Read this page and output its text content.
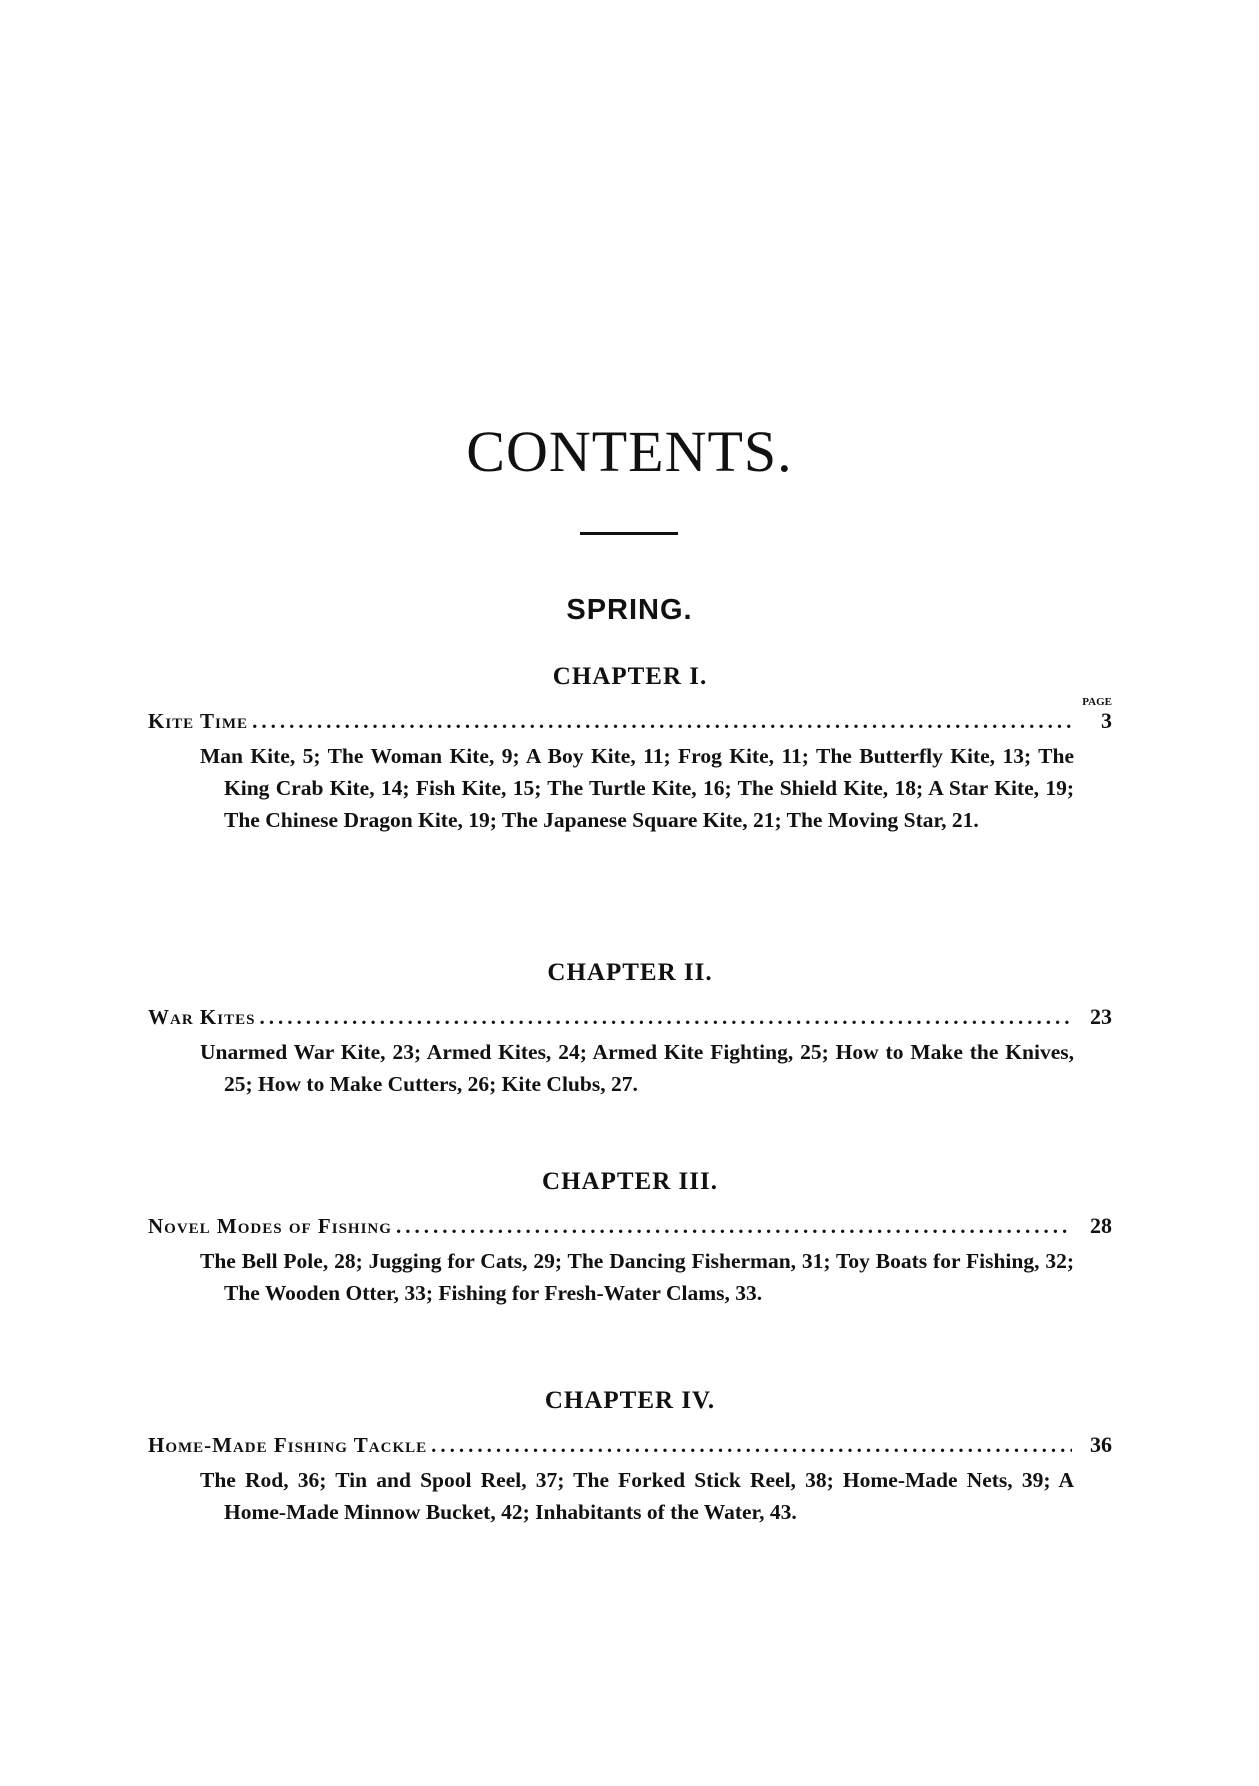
CONTENTS.
SPRING.
CHAPTER I.
PAGE
Kite Time .....	3
Man Kite, 5; The Woman Kite, 9; A Boy Kite, 11; Frog Kite, 11; The Butterfly Kite, 13; The King Crab Kite, 14; Fish Kite, 15; The Turtle Kite, 16; The Shield Kite, 18; A Star Kite, 19; The Chinese Dragon Kite, 19; The Japanese Square Kite, 21; The Moving Star, 21.
CHAPTER II.
War Kites .....	23
Unarmed War Kite, 23; Armed Kites, 24; Armed Kite Fighting, 25; How to Make the Knives, 25; How to Make Cutters, 26; Kite Clubs, 27.
CHAPTER III.
Novel Modes of Fishing .....	28
The Bell Pole, 28; Jugging for Cats, 29; The Dancing Fisherman, 31; Toy Boats for Fishing, 32; The Wooden Otter, 33; Fishing for Fresh-Water Clams, 33.
CHAPTER IV.
Home-Made Fishing Tackle .....	36
The Rod, 36; Tin and Spool Reel, 37; The Forked Stick Reel, 38; Home-Made Nets, 39; A Home-Made Minnow Bucket, 42; Inhabitants of the Water, 43.
